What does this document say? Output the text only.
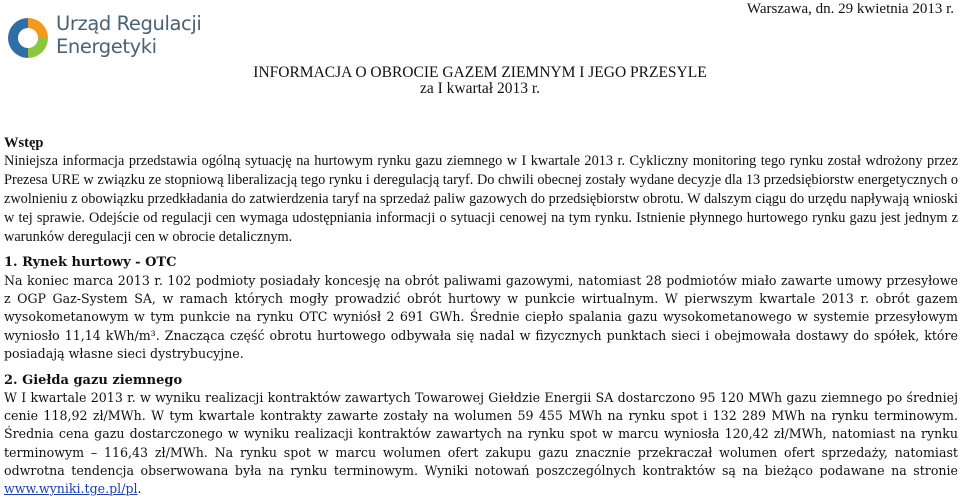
Urząd Regulacji
Energetyki
Warszawa, dn. 29 kwietnia 2013 r.
INFORMACJA O OBROCIE GAZEM ZIEMNYM I JEGO PRZESYLE
za I kwartał 2013 r.
Wstęp

Niniejsza informacja przedstawia ogólną sytuację na hurtowym rynku gazu ziemnego w I kwartale 2013 r. Cykliczny monitoring tego rynku został wdrożony przez Prezesa URE w związku ze stopniową liberalizacją tego rynku i deregulacją taryf. Do chwili obecnej zostały wydane decyzje dla 13 przedsiębiorstw energetycznych o zwolnieniu z obowiązku przedkładania do zatwierdzenia taryf na sprzedaż paliw gazowych do przedsiębiorstw obrotu. W dalszym ciągu do urzędu napływają wnioski w tej sprawie. Odejście od regulacji cen wymaga udostępniania informacji o sytuacji cenowej na tym rynku. Istnienie płynnego hurtowego rynku gazu jest jednym z warunków deregulacji cen w obrocie detalicznym.

1. Rynek hurtowy - OTC

Na koniec marca 2013 r. 102 podmioty posiadały koncesję na obrót paliwami gazowymi, natomiast 28 podmiotów miało zawarte umowy przesyłowe z OGP Gaz-System SA, w ramach których mogły prowadzić obrót hurtowy w punkcie wirtualnym. W pierwszym kwartale 2013 r. obrót gazem wysokometanowym w tym punkcie na rynku OTC wyniósł 2 691 GWh. Średnie ciepło spalania gazu wysokometanowego w systemie przesyłowym wyniosło 11,14 kWh/m³. Znacząca część obrotu hurtowego odbywała się nadal w fizycznych punktach sieci i obejmowała dostawy do spółek, które posiadają własne sieci dystrybucyjne.

2. Giełda gazu ziemnego

W I kwartale 2013 r. w wyniku realizacji kontraktów zawartych Towarowej Giełdzie Energii SA dostarczono 95 120 MWh gazu ziemnego po średniej cenie 118,92 zł/MWh. W tym kwartale kontrakty zawarte zostały na wolumen 59 455 MWh na rynku spot i 132 289 MWh na rynku terminowym. Średnia cena gazu dostarczonego w wyniku realizacji kontraktów zawartych na rynku spot w marcu wyniosła 120,42 zł/MWh, natomiast na rynku terminowym – 116,43 zł/MWh. Na rynku spot w marcu wolumen ofert zakupu gazu znacznie przekraczał wolumen ofert sprzedaży, natomiast odwrotna tendencja obserwowana była na rynku terminowym. Wyniki notowań poszczególnych kontraktów są na bieżąco podawane na stronie www.wyniki.tge.pl/pl.
